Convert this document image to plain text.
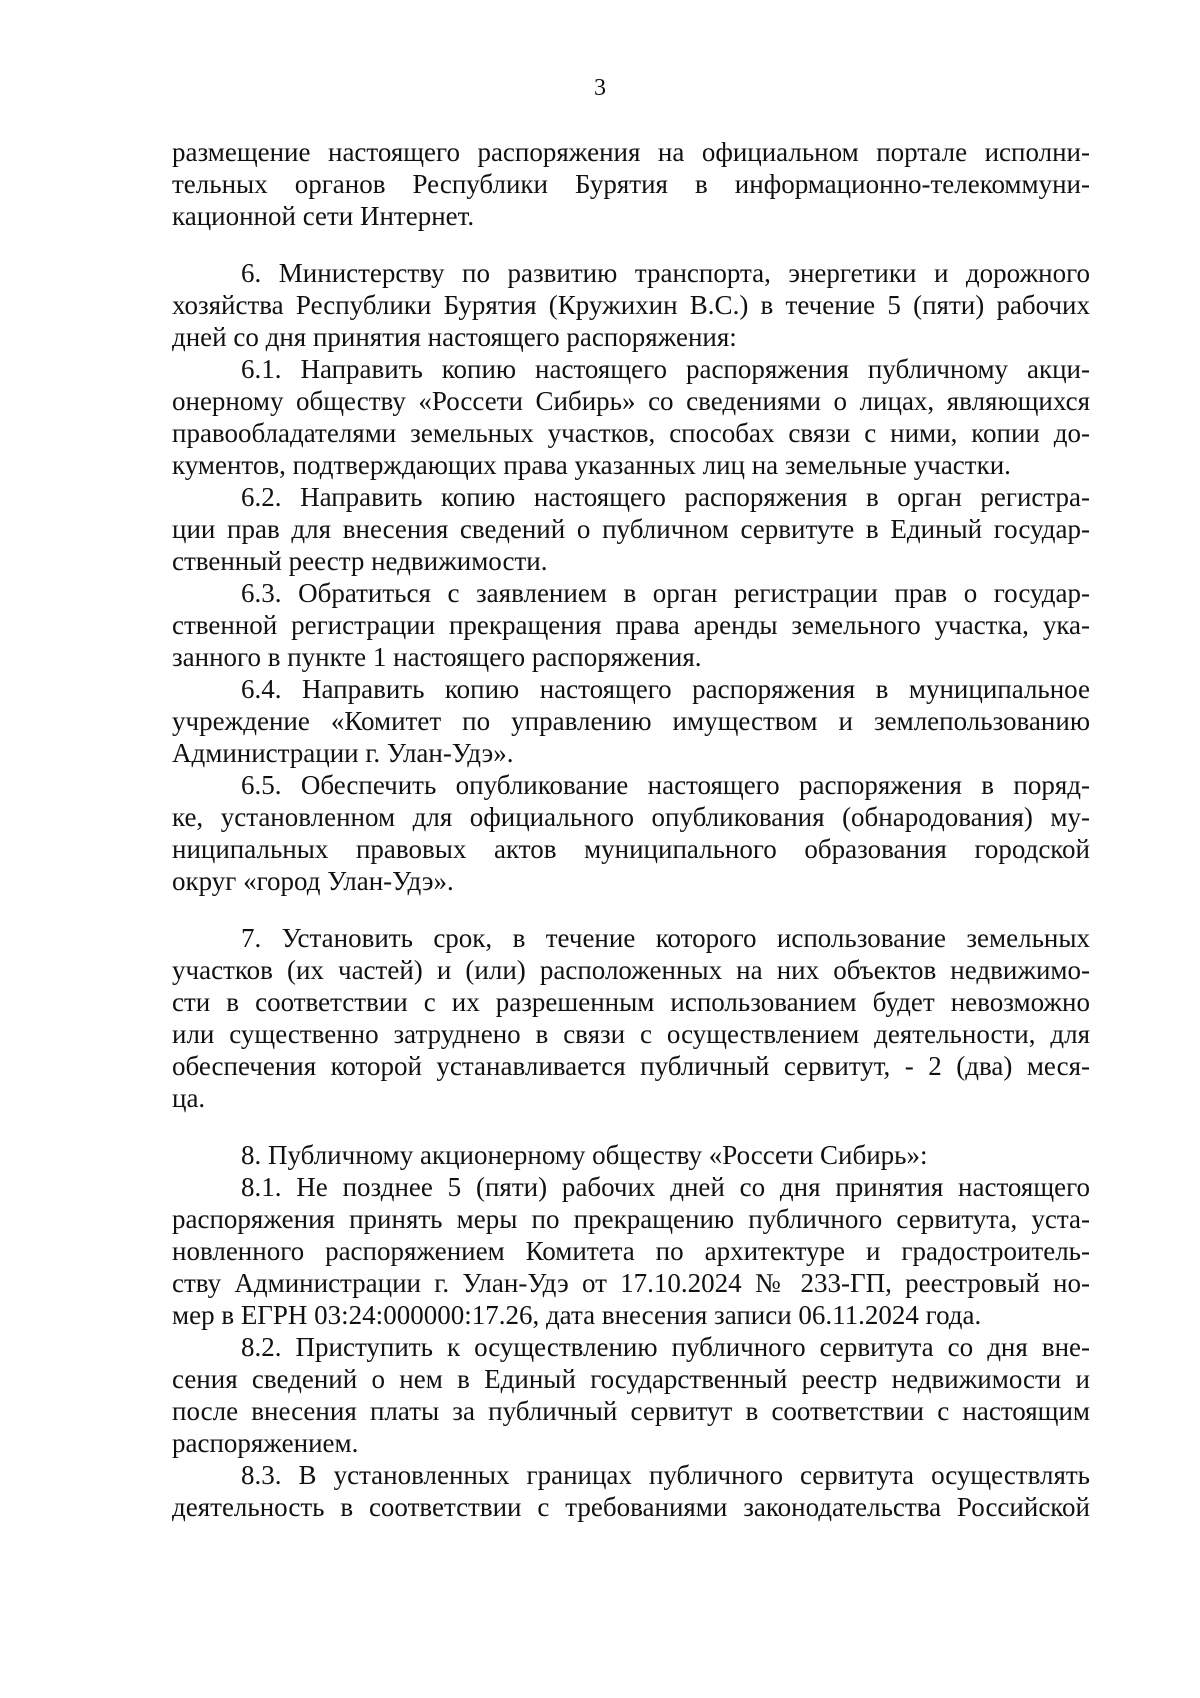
3
размещение настоящего распоряжения на официальном портале исполни-
тельных органов Республики Бурятия в информационно-телекоммуни-
кационной сети Интернет.
6. Министерству по развитию транспорта, энергетики и дорожного
хозяйства Республики Бурятия (Кружихин В.С.) в течение 5 (пяти) рабочих
дней со дня принятия настоящего распоряжения:
6.1. Направить копию настоящего распоряжения публичному акци-
онерному обществу «Россети Сибирь» со сведениями о лицах, являющихся
правообладателями земельных участков, способах связи с ними, копии до-
кументов, подтверждающих права указанных лиц на земельные участки.
6.2. Направить копию настоящего распоряжения в орган регистра-
ции прав для внесения сведений о публичном сервитуте в Единый государ-
ственный реестр недвижимости.
6.3. Обратиться с заявлением в орган регистрации прав о государ-
ственной регистрации прекращения права аренды земельного участка, ука-
занного в пункте 1 настоящего распоряжения.
6.4. Направить копию настоящего распоряжения в муниципальное
учреждение «Комитет по управлению имуществом и землепользованию
Администрации г. Улан-Удэ».
6.5. Обеспечить опубликование настоящего распоряжения в поряд-
ке, установленном для официального опубликования (обнародования) му-
ниципальных правовых актов муниципального образования городской
округ «город Улан-Удэ».
7. Установить срок, в течение которого использование земельных
участков (их частей) и (или) расположенных на них объектов недвижимо-
сти в соответствии с их разрешенным использованием будет невозможно
или существенно затруднено в связи с осуществлением деятельности, для
обеспечения которой устанавливается публичный сервитут, - 2 (два) меся-
ца.
8. Публичному акционерному обществу «Россети Сибирь»:
8.1. Не позднее 5 (пяти) рабочих дней со дня принятия настоящего
распоряжения принять меры по прекращению публичного сервитута, уста-
новленного распоряжением Комитета по архитектуре и градостроитель-
ству Администрации г. Улан-Удэ от 17.10.2024 № 233-ГП, реестровый но-
мер в ЕГРН 03:24:000000:17.26, дата внесения записи 06.11.2024 года.
8.2. Приступить к осуществлению публичного сервитута со дня вне-
сения сведений о нем в Единый государственный реестр недвижимости и
после внесения платы за публичный сервитут в соответствии с настоящим
распоряжением.
8.3. В установленных границах публичного сервитута осуществлять
деятельность в соответствии с требованиями законодательства Российской
